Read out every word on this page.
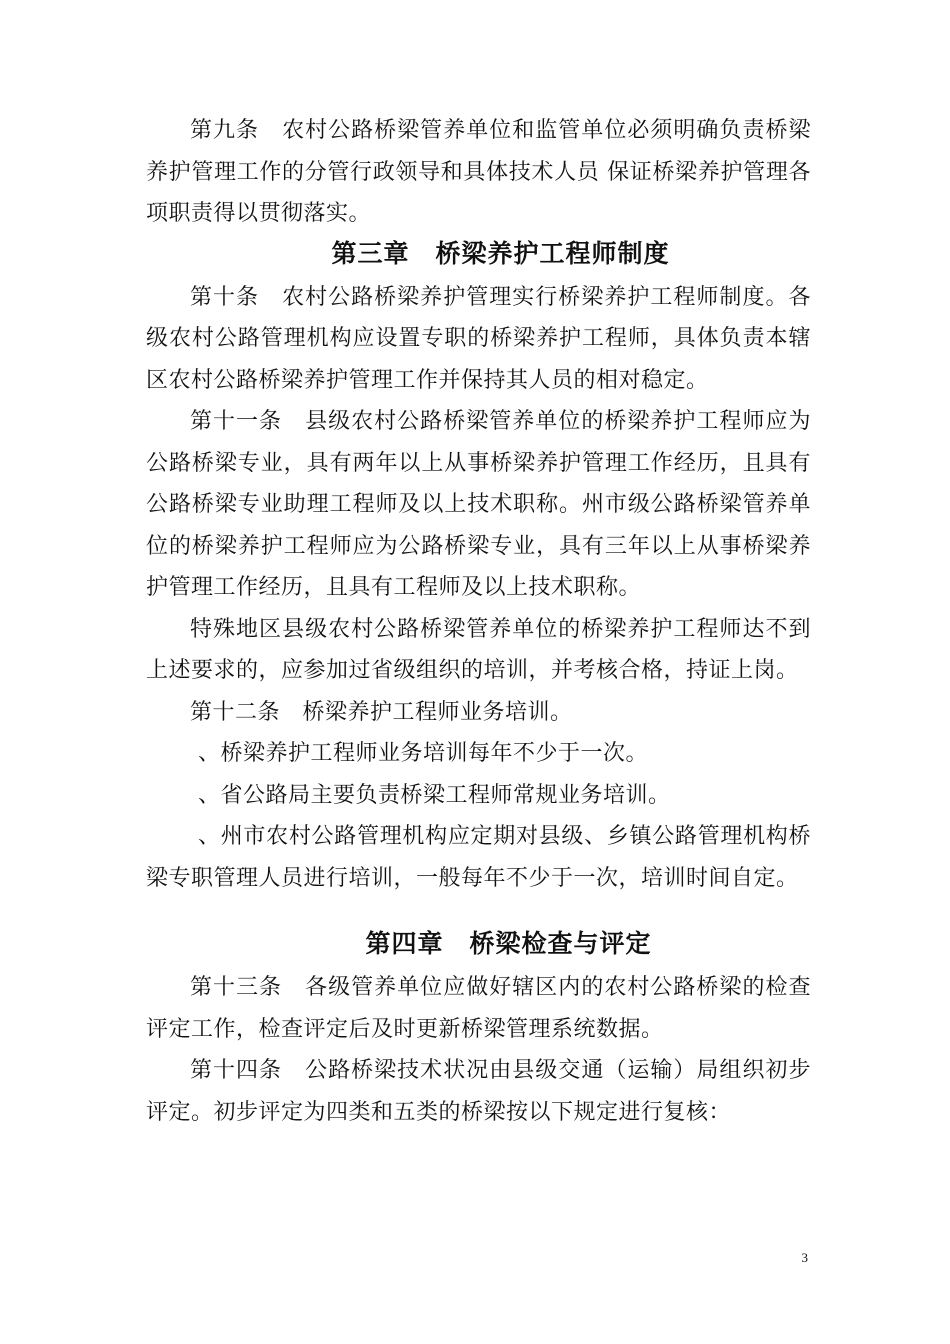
第九条　农村公路桥梁管养单位和监管单位必须明确负责桥梁养护管理工作的分管行政领导和具体技术人员 保证桥梁养护管理各项职责得以贯彻落实。

第三章　桥梁养护工程师制度

第十条　农村公路桥梁养护管理实行桥梁养护工程师制度。各级农村公路管理机构应设置专职的桥梁养护工程师，具体负责本辖区农村公路桥梁养护管理工作并保持其人员的相对稳定。

第十一条　县级农村公路桥梁管养单位的桥梁养护工程师应为公路桥梁专业，具有两年以上从事桥梁养护管理工作经历，且具有公路桥梁专业助理工程师及以上技术职称。州市级公路桥梁管养单位的桥梁养护工程师应为公路桥梁专业，具有三年以上从事桥梁养护管理工作经历，且具有工程师及以上技术职称。

特殊地区县级农村公路桥梁管养单位的桥梁养护工程师达不到上述要求的，应参加过省级组织的培训，并考核合格，持证上岗。

第十二条　桥梁养护工程师业务培训。

、桥梁养护工程师业务培训每年不少于一次。

、省公路局主要负责桥梁工程师常规业务培训。

、州市农村公路管理机构应定期对县级、乡镇公路管理机构桥梁专职管理人员进行培训，一般每年不少于一次，培训时间自定。

第四章　桥梁检查与评定

第十三条　各级管养单位应做好辖区内的农村公路桥梁的检查评定工作，检查评定后及时更新桥梁管理系统数据。

第十四条　公路桥梁技术状况由县级交通（运输）局组织初步评定。初步评定为四类和五类的桥梁按以下规定进行复核：

3
